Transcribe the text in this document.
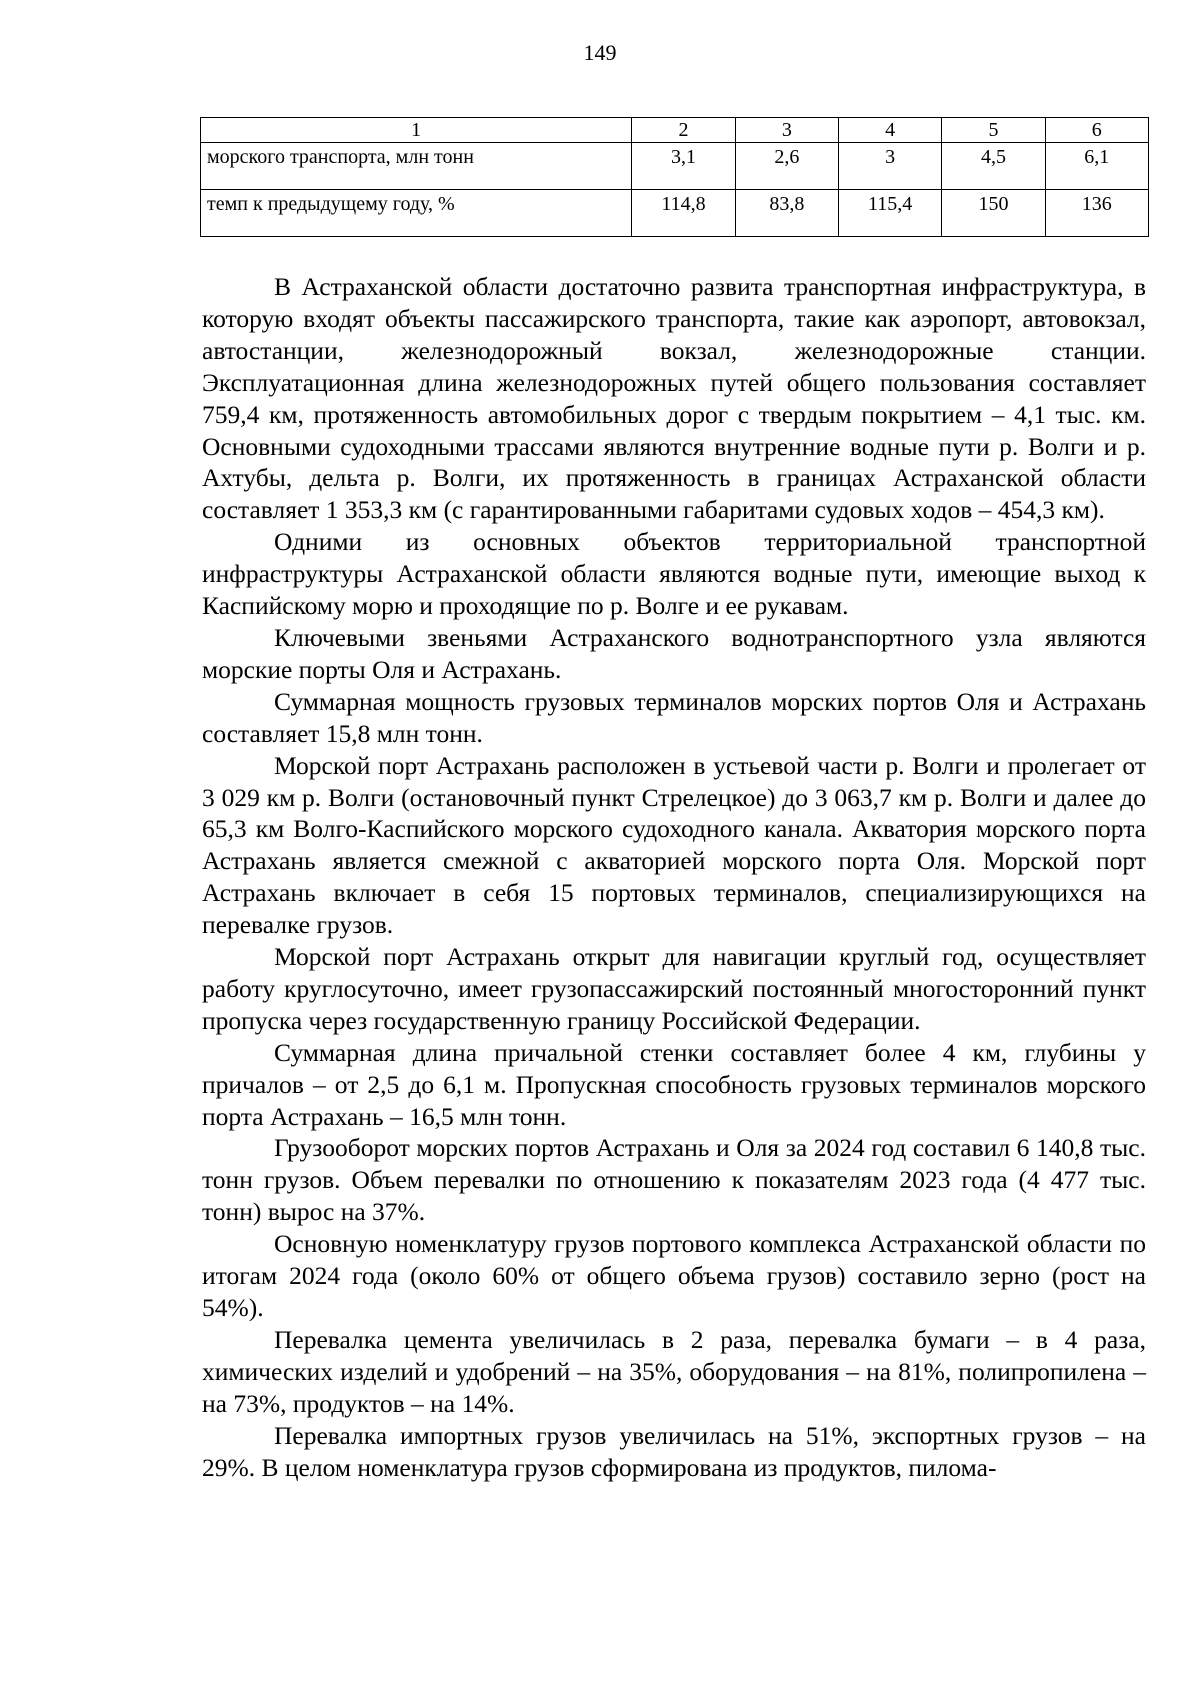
149
1	2	3	4	5	6
морского транспорта, млн тонн	3,1	2,6	3	4,5	6,1
темп к предыдущему году, %	114,8	83,8	115,4	150	136

В Астраханской области достаточно развита транспортная инфраструктура, в которую входят объекты пассажирского транспорта, такие как аэропорт, автовокзал, автостанции, железнодорожный вокзал, железнодорожные станции. Эксплуатационная длина железнодорожных путей общего пользования составляет 759,4 км, протяженность автомобильных дорог с твердым покрытием – 4,1 тыс. км. Основными судоходными трассами являются внутренние водные пути р. Волги и р. Ахтубы, дельта р. Волги, их протяженность в границах Астраханской области составляет 1 353,3 км (с гарантированными габаритами судовых ходов – 454,3 км).

Одними из основных объектов территориальной транспортной инфраструктуры Астраханской области являются водные пути, имеющие выход к Каспийскому морю и проходящие по р. Волге и ее рукавам.

Ключевыми звеньями Астраханского воднотранспортного узла являются морские порты Оля и Астрахань.

Суммарная мощность грузовых терминалов морских портов Оля и Астрахань составляет 15,8 млн тонн.

Морской порт Астрахань расположен в устьевой части р. Волги и пролегает от 3 029 км р. Волги (остановочный пункт Стрелецкое) до 3 063,7 км р. Волги и далее до 65,3 км Волго-Каспийского морского судоходного канала. Акватория морского порта Астрахань является смежной с акваторией морского порта Оля. Морской порт Астрахань включает в себя 15 портовых терминалов, специализирующихся на перевалке грузов.

Морской порт Астрахань открыт для навигации круглый год, осуществляет работу круглосуточно, имеет грузопассажирский постоянный многосторонний пункт пропуска через государственную границу Российской Федерации.

Суммарная длина причальной стенки составляет более 4 км, глубины у причалов – от 2,5 до 6,1 м. Пропускная способность грузовых терминалов морского порта Астрахань – 16,5 млн тонн.

Грузооборот морских портов Астрахань и Оля за 2024 год составил 6 140,8 тыс. тонн грузов. Объем перевалки по отношению к показателям 2023 года (4 477 тыс. тонн) вырос на 37%.

Основную номенклатуру грузов портового комплекса Астраханской области по итогам 2024 года (около 60% от общего объема грузов) составило зерно (рост на 54%).

Перевалка цемента увеличилась в 2 раза, перевалка бумаги – в 4 раза, химических изделий и удобрений – на 35%, оборудования – на 81%, полипропилена – на 73%, продуктов – на 14%.

Перевалка импортных грузов увеличилась на 51%, экспортных грузов – на 29%. В целом номенклатура грузов сформирована из продуктов, пилома-
